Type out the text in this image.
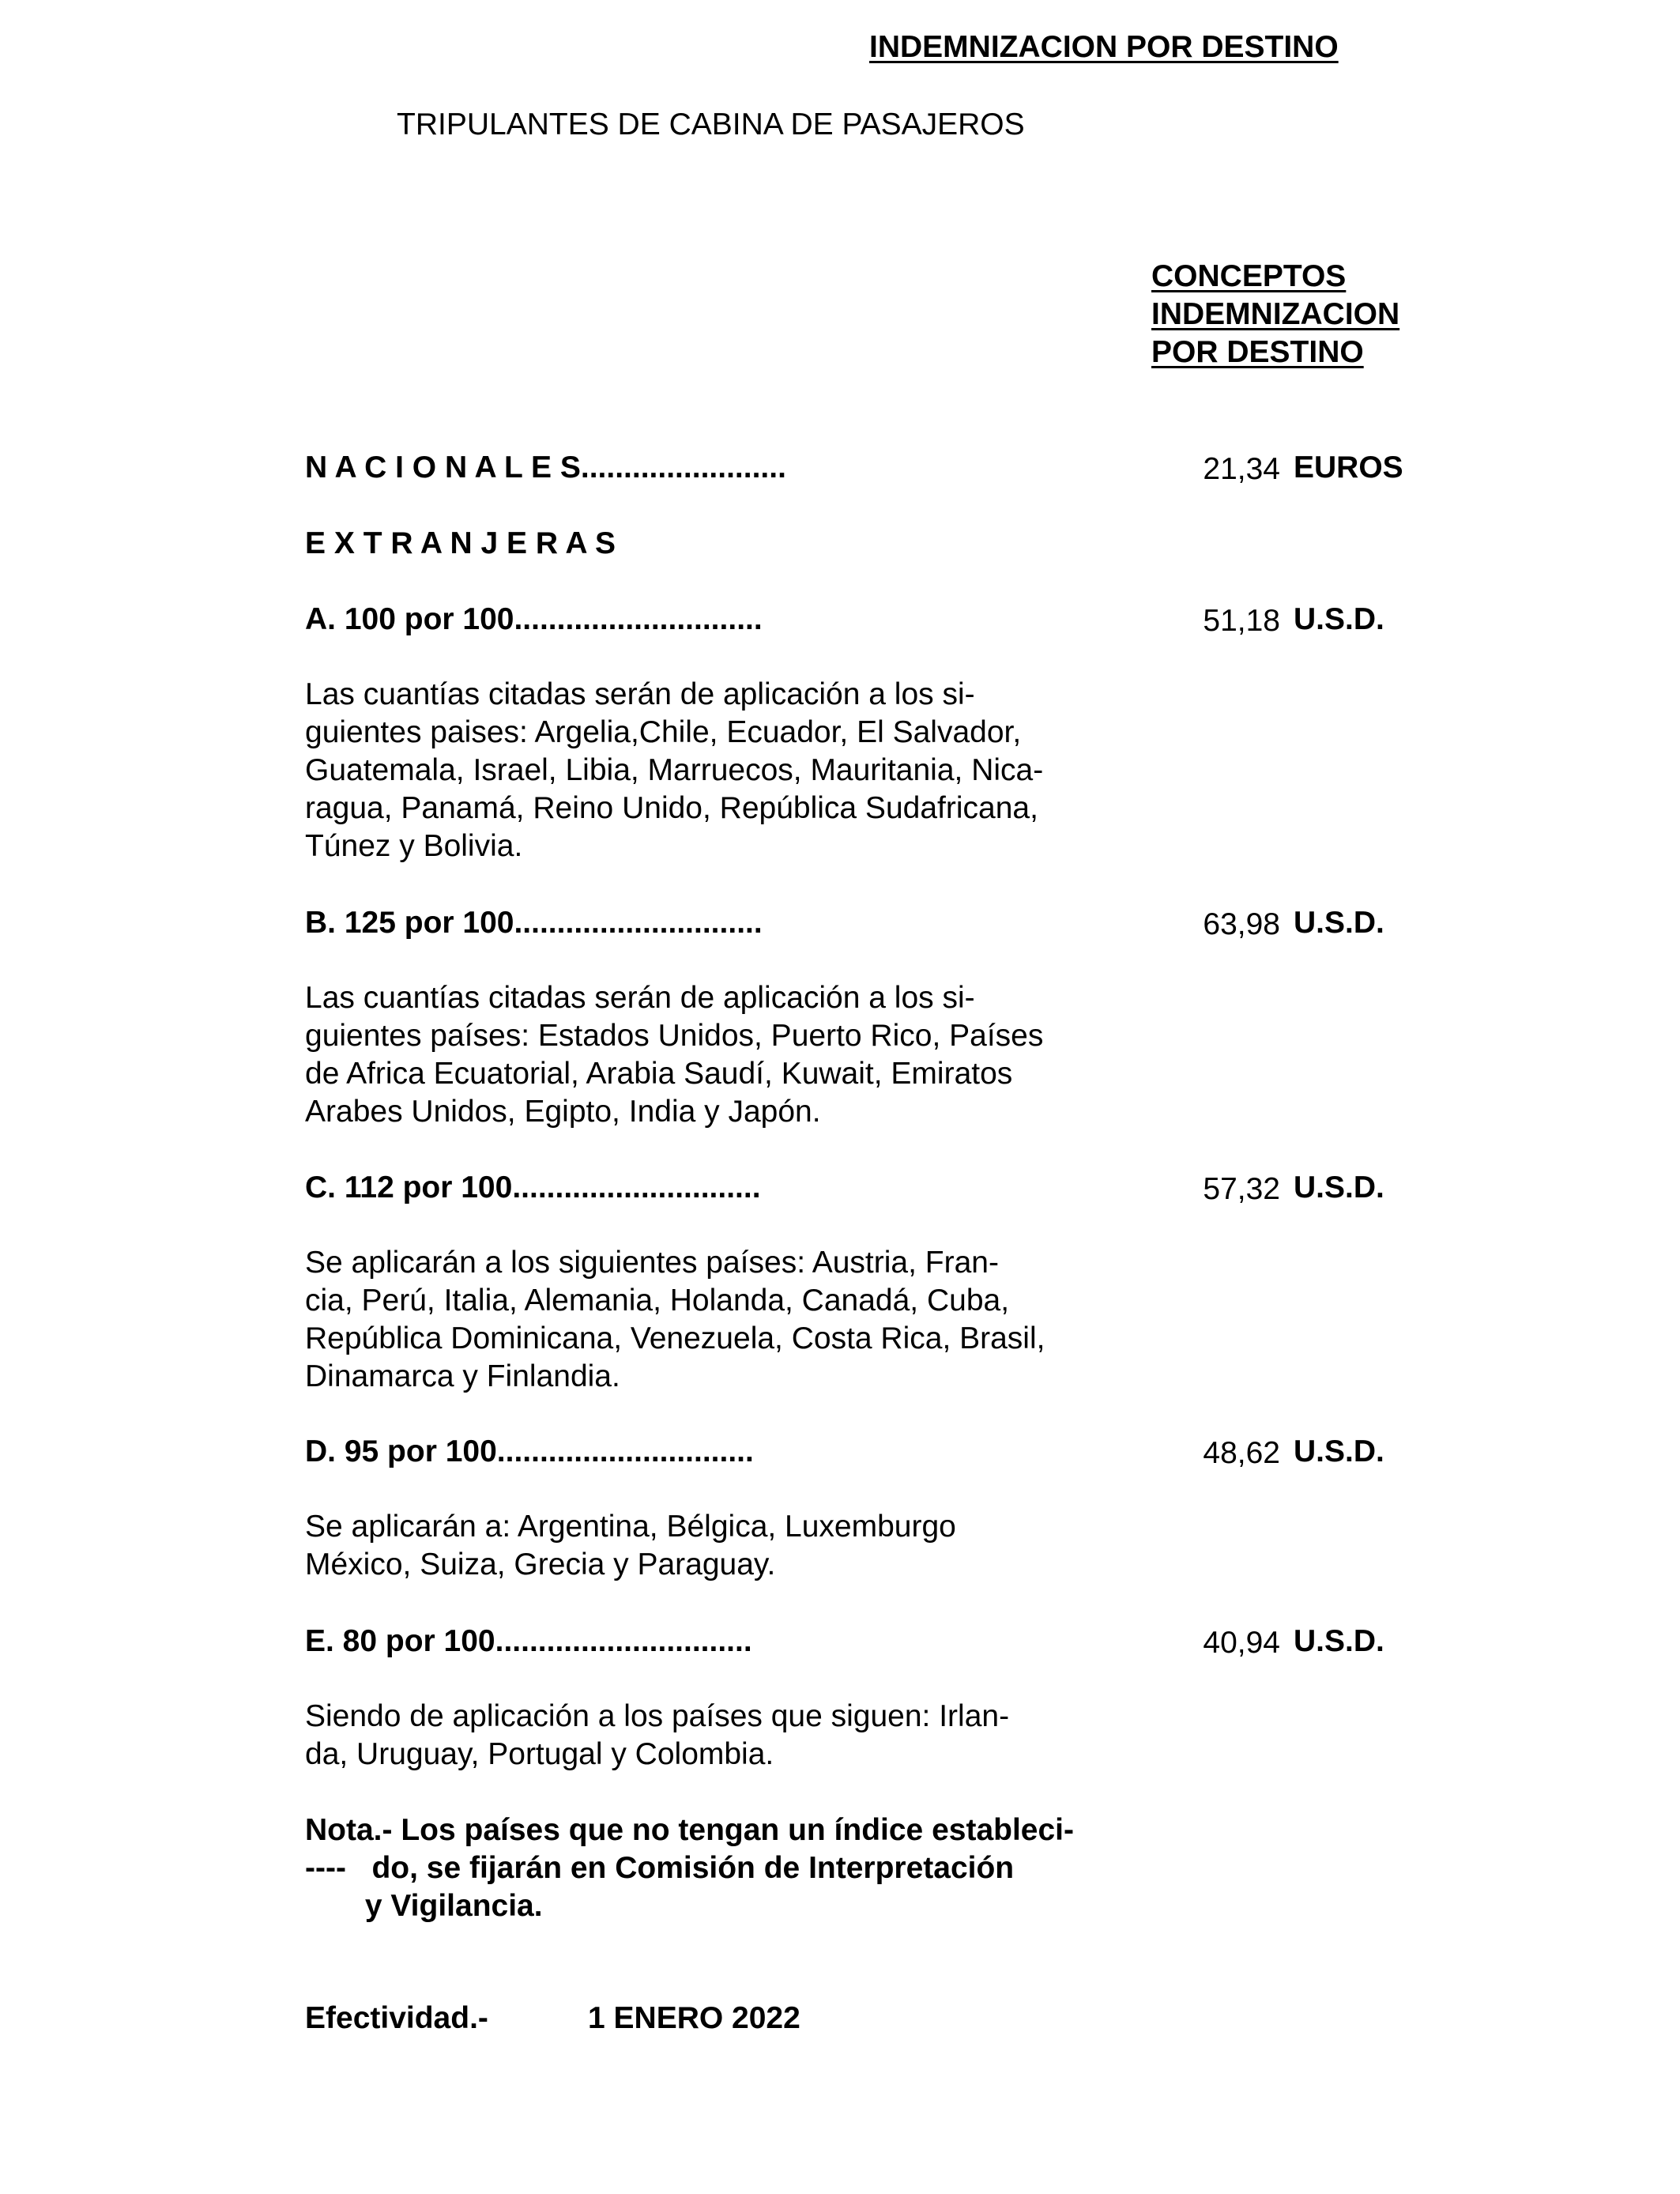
INDEMNIZACION POR DESTINO
TRIPULANTES DE CABINA DE PASAJEROS
CONCEPTOS
INDEMNIZACION
POR DESTINO
N A C I O N A L E S........................	21,34 EUROS
E X T R A N J E R A S
A. 100 por 100.............................	51,18 U.S.D.
Las cuantías citadas serán de aplicación a los si-
guientes paises: Argelia,Chile, Ecuador, El Salvador,
Guatemala, Israel, Libia, Marruecos, Mauritania, Nica-
ragua, Panamá, Reino Unido, República Sudafricana,
Túnez y Bolivia.
B. 125 por 100.............................	63,98 U.S.D.
Las cuantías citadas serán de aplicación a los si-
guientes países: Estados Unidos, Puerto Rico, Países
de Africa Ecuatorial, Arabia Saudí, Kuwait, Emiratos
Arabes Unidos, Egipto, India y Japón.
C. 112 por 100.............................	57,32 U.S.D.
Se aplicarán a los siguientes países: Austria, Fran-
cia, Perú, Italia, Alemania, Holanda, Canadá, Cuba,
República Dominicana, Venezuela, Costa Rica, Brasil,
Dinamarca y Finlandia.
D. 95 por 100..............................	48,62 U.S.D.
Se aplicarán a: Argentina, Bélgica, Luxemburgo
México, Suiza, Grecia y Paraguay.
E. 80 por 100..............................	40,94 U.S.D.
Siendo de aplicación a los países que siguen: Irlan-
da, Uruguay, Portugal y Colombia.
Nota.- Los países que no tengan un índice estableci-
----   do, se fijarán en Comisión de Interpretación
y Vigilancia.
Efectividad.-	1 ENERO 2022
